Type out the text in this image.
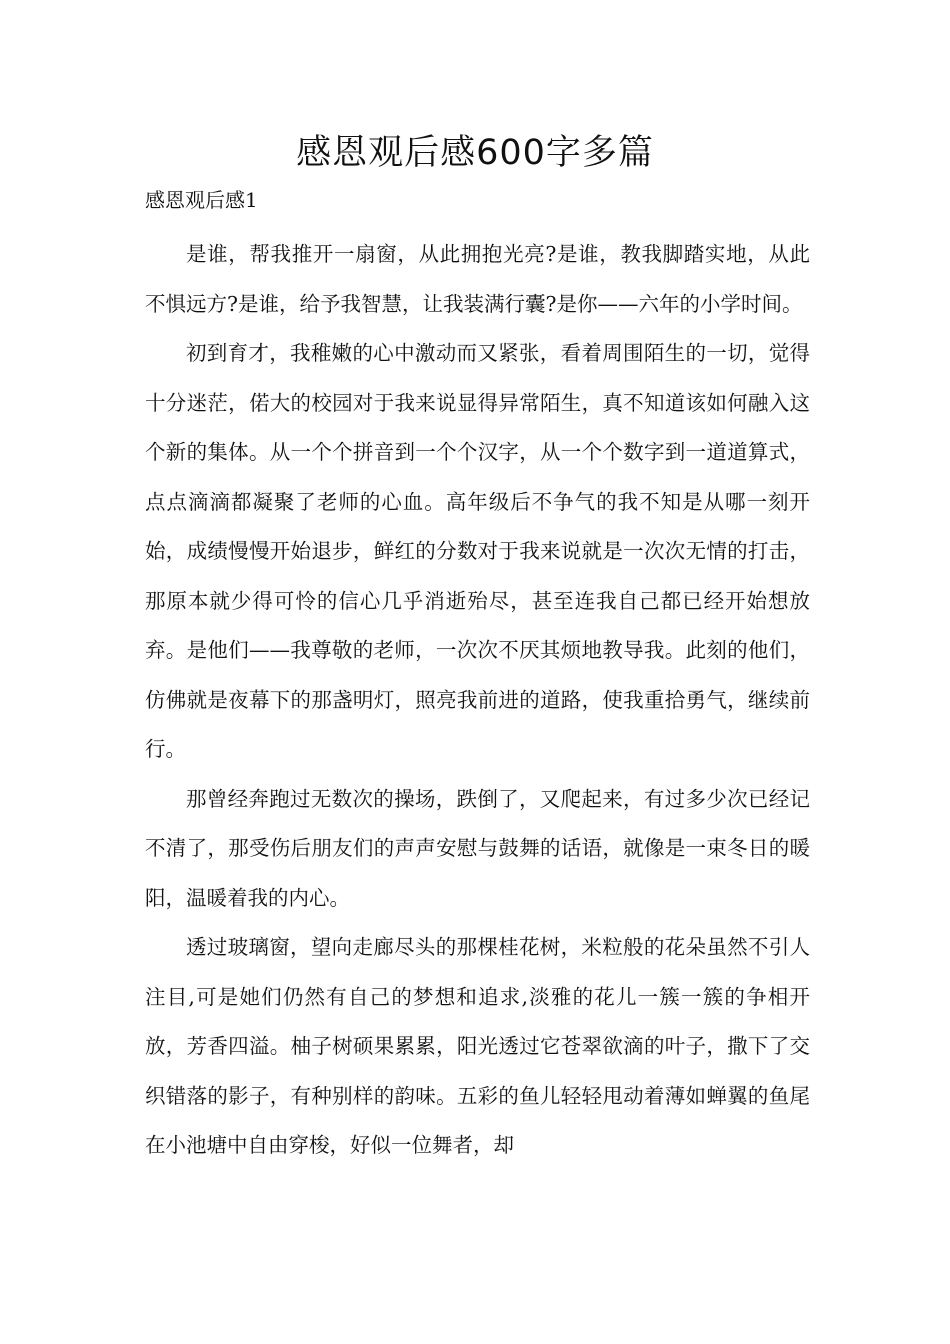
感恩观后感600字多篇

感恩观后感1

是谁，帮我推开一扇窗，从此拥抱光亮?是谁，教我脚踏实地，从此不惧远方?是谁，给予我智慧，让我装满行囊?是你——六年的小学时间。

初到育才，我稚嫩的心中激动而又紧张，看着周围陌生的一切，觉得十分迷茫，偌大的校园对于我来说显得异常陌生，真不知道该如何融入这个新的集体。从一个个拼音到一个个汉字，从一个个数字到一道道算式，点点滴滴都凝聚了老师的心血。高年级后不争气的我不知是从哪一刻开始，成绩慢慢开始退步，鲜红的分数对于我来说就是一次次无情的打击，那原本就少得可怜的信心几乎消逝殆尽，甚至连我自己都已经开始想放弃。是他们——我尊敬的老师，一次次不厌其烦地教导我。此刻的他们，仿佛就是夜幕下的那盏明灯，照亮我前进的道路，使我重拾勇气，继续前行。

那曾经奔跑过无数次的操场，跌倒了，又爬起来，有过多少次已经记不清了，那受伤后朋友们的声声安慰与鼓舞的话语，就像是一束冬日的暖阳，温暖着我的内心。

透过玻璃窗，望向走廊尽头的那棵桂花树，米粒般的花朵虽然不引人注目,可是她们仍然有自己的梦想和追求,淡雅的花儿一簇一簇的争相开放，芳香四溢。柚子树硕果累累，阳光透过它苍翠欲滴的叶子，撒下了交织错落的影子，有种别样的韵味。五彩的鱼儿轻轻甩动着薄如蝉翼的鱼尾在小池塘中自由穿梭，好似一位舞者，却
